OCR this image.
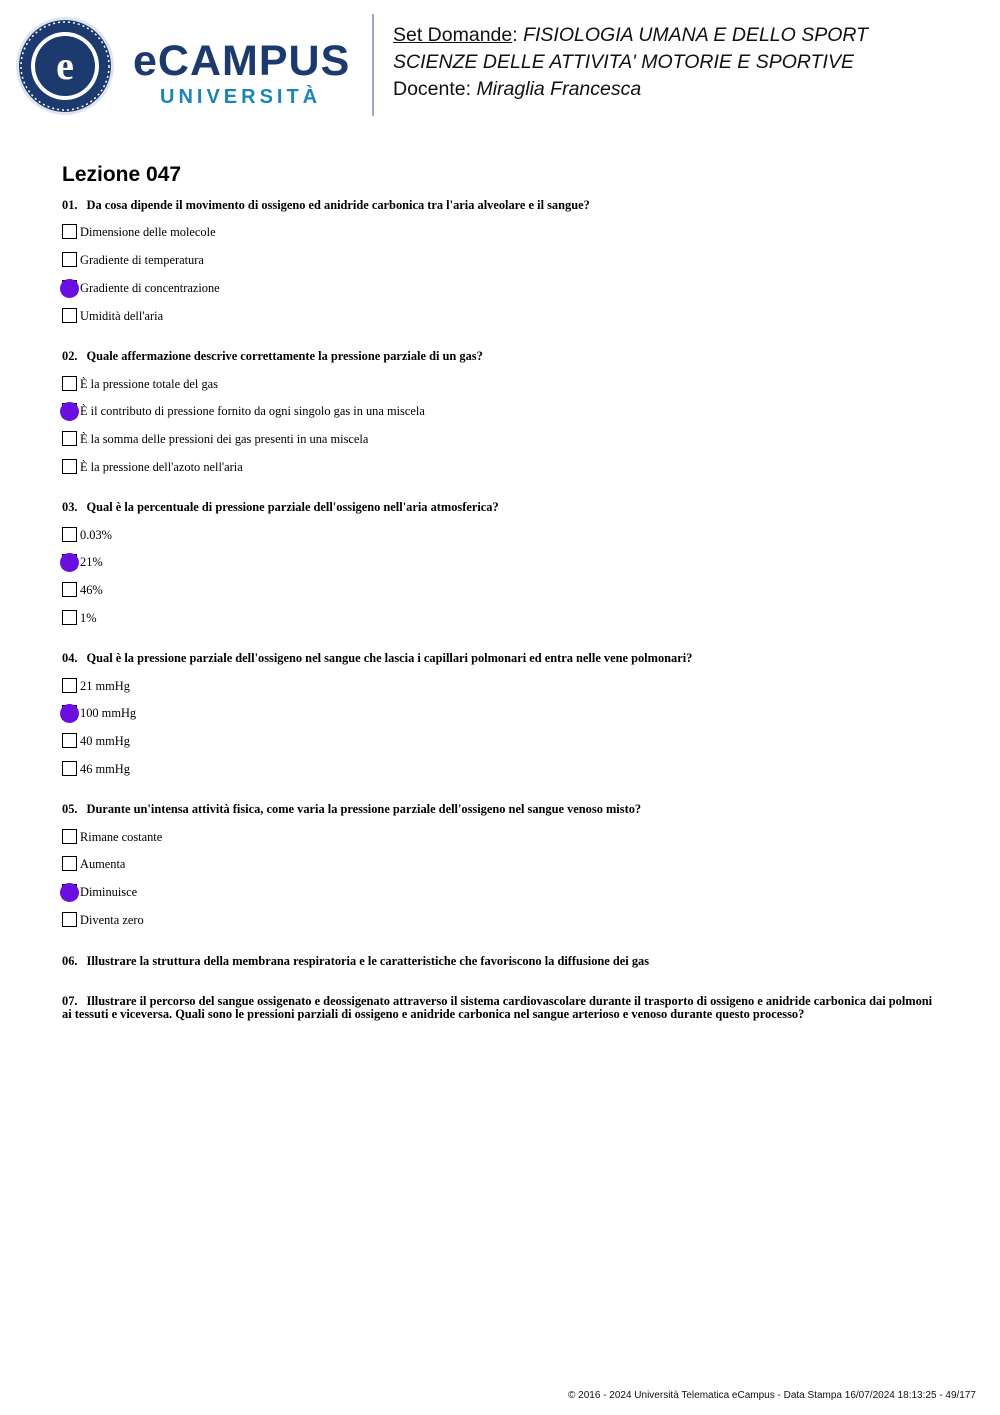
e eCAMPUS
UNIVERSITÀ
Set Domande: FISIOLOGIA UMANA E DELLO SPORT
SCIENZE DELLE ATTIVITA' MOTORIE E SPORTIVE
Docente: Miraglia Francesca
Lezione 047
01. Da cosa dipende il movimento di ossigeno ed anidride carbonica tra l'aria alveolare e il sangue?
Dimensione delle molecole
Gradiente di temperatura
Gradiente di concentrazione
Umidità dell'aria
02. Quale affermazione descrive correttamente la pressione parziale di un gas?
È la pressione totale del gas
È il contributo di pressione fornito da ogni singolo gas in una miscela
È la somma delle pressioni dei gas presenti in una miscela
È la pressione dell'azoto nell'aria
03. Qual è la percentuale di pressione parziale dell'ossigeno nell'aria atmosferica?
0.03%
21%
46%
1%
04. Qual è la pressione parziale dell'ossigeno nel sangue che lascia i capillari polmonari ed entra nelle vene polmonari?
21 mmHg
100 mmHg
40 mmHg
46 mmHg
05. Durante un'intensa attività fisica, come varia la pressione parziale dell'ossigeno nel sangue venoso misto?
Rimane costante
Aumenta
Diminuisce
Diventa zero
06. Illustrare la struttura della membrana respiratoria e le caratteristiche che favoriscono la diffusione dei gas
07. Illustrare il percorso del sangue ossigenato e deossigenato attraverso il sistema cardiovascolare durante il trasporto di ossigeno e anidride carbonica dai polmoni ai tessuti e viceversa. Quali sono le pressioni parziali di ossigeno e anidride carbonica nel sangue arterioso e venoso durante questo processo?
© 2016 - 2024 Università Telematica eCampus - Data Stampa 16/07/2024 18:13:25 - 49/177
